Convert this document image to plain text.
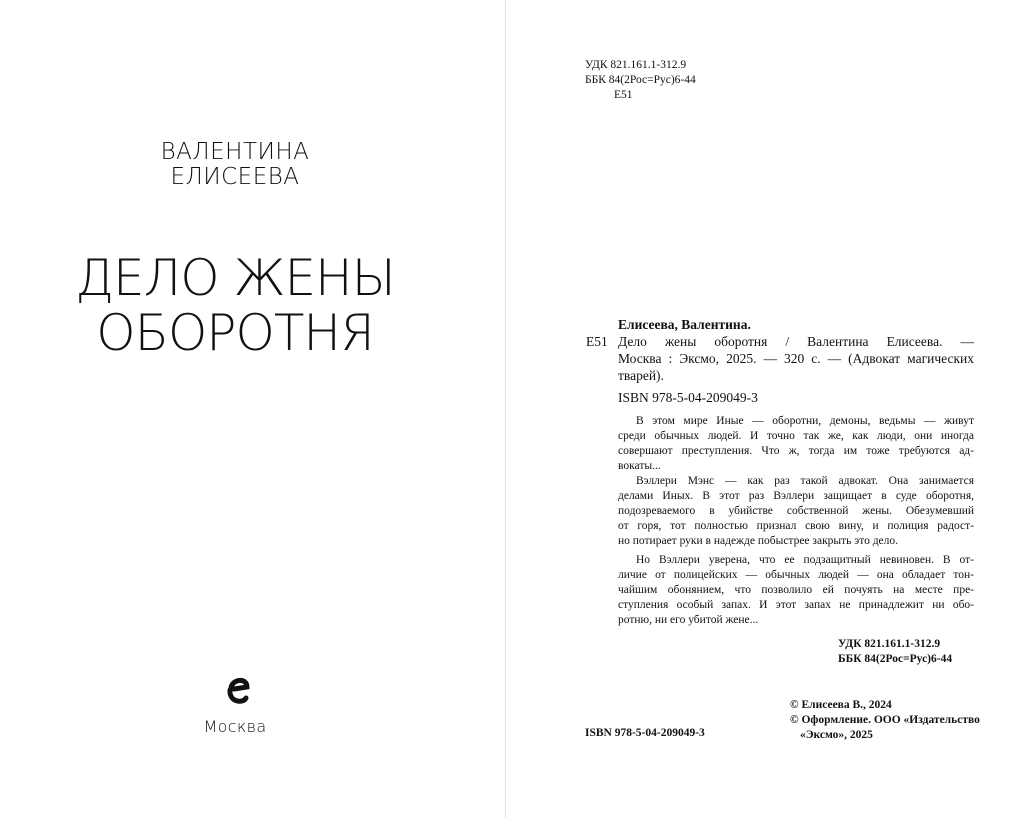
ВАЛЕНТИНА
ЕЛИСЕЕВА
ДЕЛО ЖЕНЫ
ОБОРОТНЯ
Москва
УДК 821.161.1-312.9
ББК 84(2Рос=Рус)6-44
Е51
Елисеева, Валентина.
Е51 Дело жены оборотня / Валентина Елисеева. —
Москва : Эксмо, 2025. — 320 с. — (Адвокат магических
тварей).
ISBN 978-5-04-209049-3
В этом мире Иные — оборотни, демоны, ведьмы — живут
среди обычных людей. И точно так же, как люди, они иногда
совершают преступления. Что ж, тогда им тоже требуются ад-
вокаты...
Вэллери Мэнс — как раз такой адвокат. Она занимается
делами Иных. В этот раз Вэллери защищает в суде оборотня,
подозреваемого в убийстве собственной жены. Обезумевший
от горя, тот полностью признал свою вину, и полиция радост-
но потирает руки в надежде побыстрее закрыть это дело.
Но Вэллери уверена, что ее подзащитный невиновен. В от-
личие от полицейских — обычных людей — она обладает тон-
чайшим обонянием, что позволило ей почуять на месте пре-
ступления особый запах. И этот запах не принадлежит ни обо-
ротню, ни его убитой жене...
УДК 821.161.1-312.9
ББК 84(2Рос=Рус)6-44
© Елисеева В., 2024
© Оформление. ООО «Издательство
«Эксмо», 2025
ISBN 978-5-04-209049-3
